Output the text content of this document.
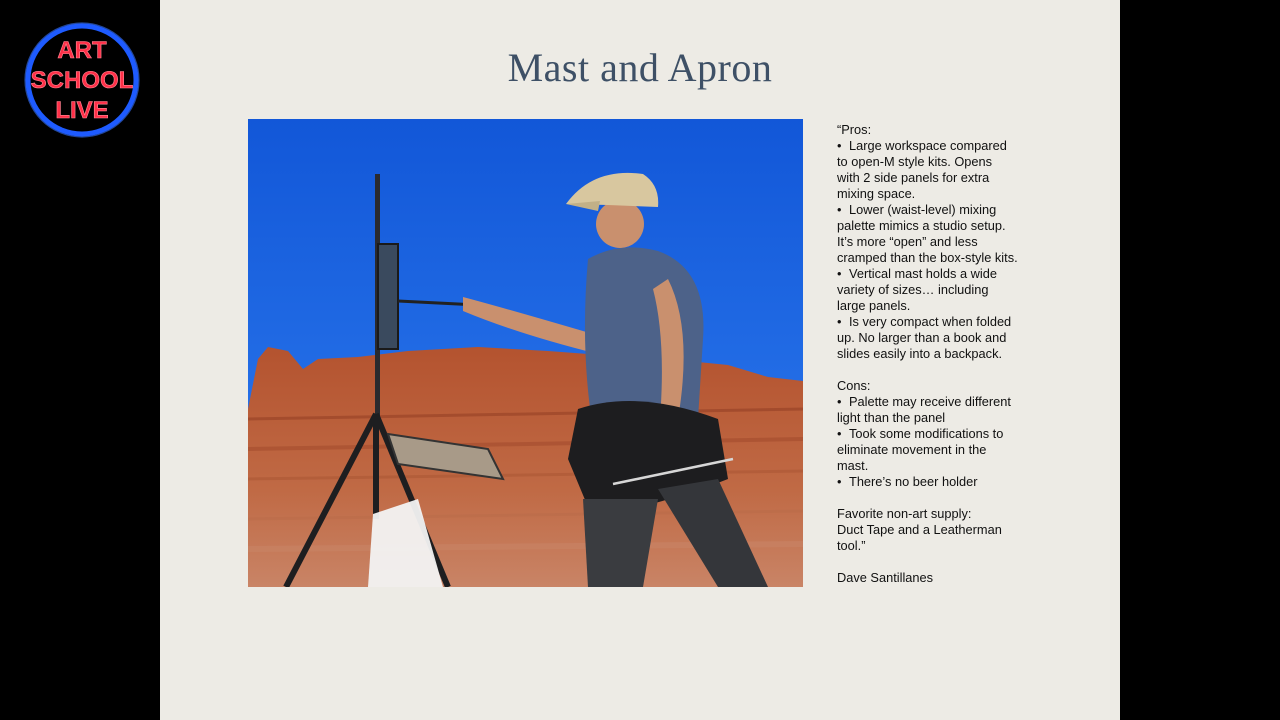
ART
SCHOOL
LIVE
Mast and Apron
“Pros:
• Large workspace compared
to open-M style kits. Opens
with 2 side panels for extra
mixing space.
• Lower (waist-level) mixing
palette mimics a studio setup.
It’s more “open” and less
cramped than the box-style kits.
• Vertical mast holds a wide
variety of sizes… including
large panels.
• Is very compact when folded
up. No larger than a book and
slides easily into a backpack.
Cons:
• Palette may receive different
light than the panel
• Took some modifications to
eliminate movement in the
mast.
• There’s no beer holder
Favorite non-art supply:
Duct Tape and a Leatherman
tool.”
Dave Santillanes
